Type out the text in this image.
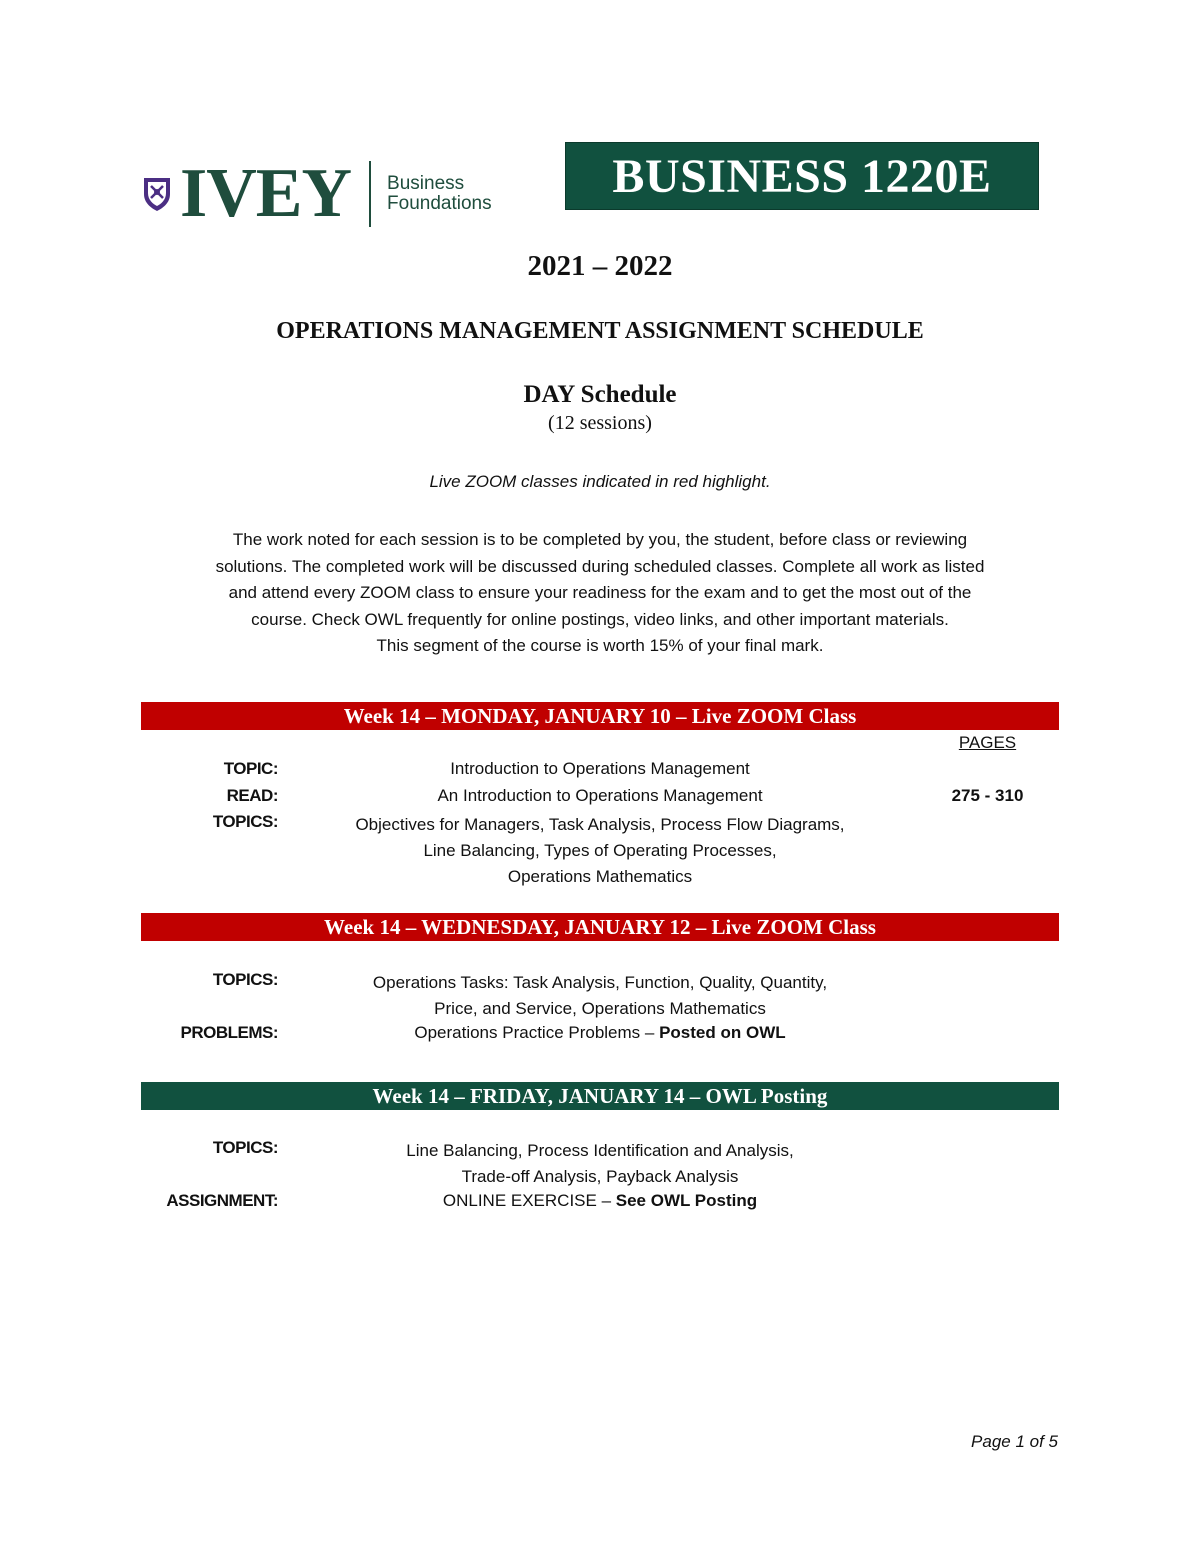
IVEY Business
Foundations
BUSINESS 1220E
2021 – 2022
OPERATIONS MANAGEMENT ASSIGNMENT SCHEDULE
DAY Schedule
(12 sessions)
Live ZOOM classes indicated in red highlight.
The work noted for each session is to be completed by you, the student, before class or reviewing
solutions. The completed work will be discussed during scheduled classes. Complete all work as listed
and attend every ZOOM class to ensure your readiness for the exam and to get the most out of the
course. Check OWL frequently for online postings, video links, and other important materials.
This segment of the course is worth 15% of your final mark.
Week 14 – MONDAY, JANUARY 10 – Live ZOOM Class
PAGES
TOPIC:	Introduction to Operations Management
READ:	An Introduction to Operations Management	275 - 310
TOPICS:	Objectives for Managers, Task Analysis, Process Flow Diagrams,
Line Balancing, Types of Operating Processes,
Operations Mathematics
Week 14 – WEDNESDAY, JANUARY 12 – Live ZOOM Class
TOPICS:	Operations Tasks: Task Analysis, Function, Quality, Quantity,
Price, and Service, Operations Mathematics
PROBLEMS:	Operations Practice Problems – Posted on OWL
Week 14 – FRIDAY, JANUARY 14 – OWL Posting
TOPICS:	Line Balancing, Process Identification and Analysis,
Trade-off Analysis, Payback Analysis
ASSIGNMENT:	ONLINE EXERCISE – See OWL Posting
Page 1 of 5
